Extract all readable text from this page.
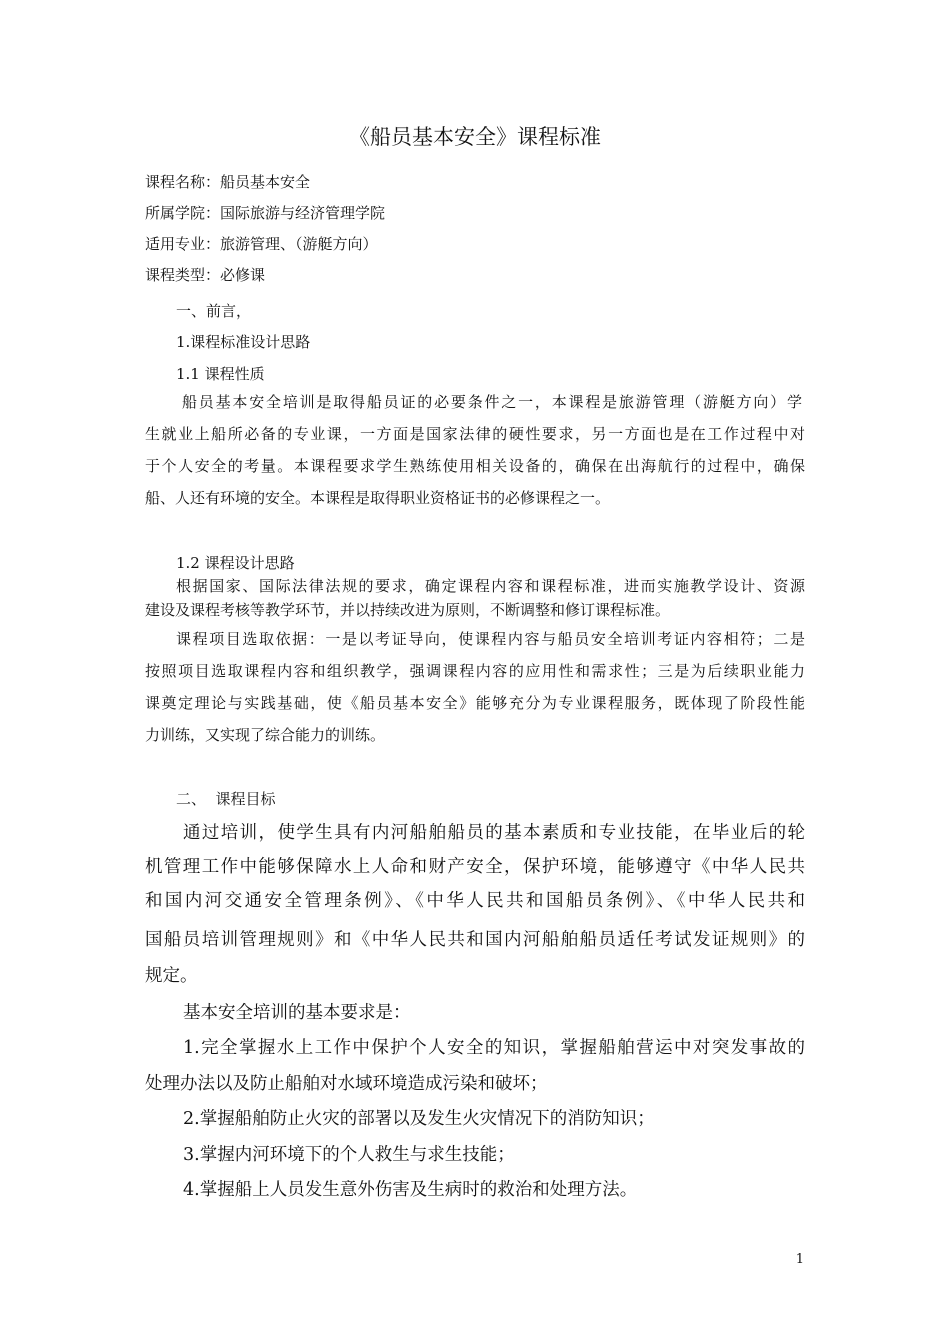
《船员基本安全》课程标准

课程名称：船员基本安全

所属学院：国际旅游与经济管理学院

适用专业：旅游管理、（游艇方向）

课程类型：必修课

一、前言，

1.课程标准设计思路

1.1 课程性质

船员基本安全培训是取得船员证的必要条件之一，本课程是旅游管理（游艇方向）学

生就业上船所必备的专业课，一方面是国家法律的硬性要求，另一方面也是在工作过程中对

于个人安全的考量。本课程要求学生熟练使用相关设备的，确保在出海航行的过程中，确保

船、人还有环境的安全。本课程是取得职业资格证书的必修课程之一。

1.2 课程设计思路

根据国家、国际法律法规的要求，确定课程内容和课程标准，进而实施教学设计、资源

建设及课程考核等教学环节，并以持续改进为原则，不断调整和修订课程标准。

课程项目选取依据：一是以考证导向，使课程内容与船员安全培训考证内容相符；二是

按照项目选取课程内容和组织教学，强调课程内容的应用性和需求性；三是为后续职业能力

课奠定理论与实践基础，使《船员基本安全》能够充分为专业课程服务，既体现了阶段性能

力训练，又实现了综合能力的训练。

二、  课程目标

通过培训，使学生具有内河船舶船员的基本素质和专业技能，在毕业后的轮

机管理工作中能够保障水上人命和财产安全，保护环境，能够遵守《中华人民共

和国内河交通安全管理条例》、《中华人民共和国船员条例》、《中华人民共和

国船员培训管理规则》和《中华人民共和国内河船舶船员适任考试发证规则》的

规定。

基本安全培训的基本要求是：

1.完全掌握水上工作中保护个人安全的知识，掌握船舶营运中对突发事故的

处理办法以及防止船舶对水域环境造成污染和破坏；

2.掌握船舶防止火灾的部署以及发生火灾情况下的消防知识；

3.掌握内河环境下的个人救生与求生技能；

4.掌握船上人员发生意外伤害及生病时的救治和处理方法。

1
